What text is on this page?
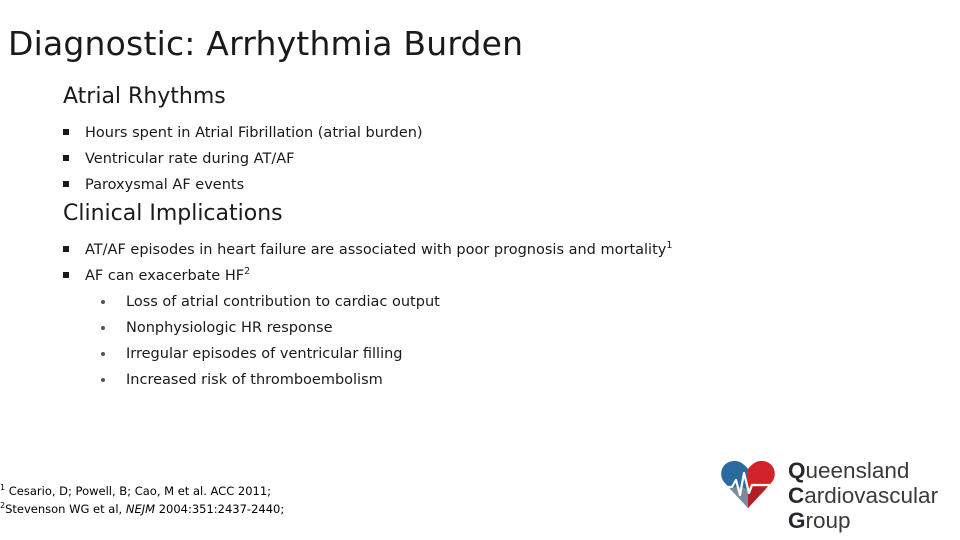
Diagnostic: Arrhythmia Burden
Atrial Rhythms
Hours spent in Atrial Fibrillation (atrial burden)
Ventricular rate during AT/AF
Paroxysmal AF events
Clinical Implications
AT/AF episodes in heart failure are associated with poor prognosis and mortality$^1$
AF can exacerbate $HF^2$
Loss of atrial contribution to cardiac output
Nonphysiologic HR response
Irregular episodes of ventricular filling
Increased risk of thromboembolism
$^1$ Cesario, D; Powell, B; Cao, M et al. ACC 2011;
$^2$Stevenson WG et al, NEJM 2004:351:2437-2440;
Queensland
Cardiovascular
Group
